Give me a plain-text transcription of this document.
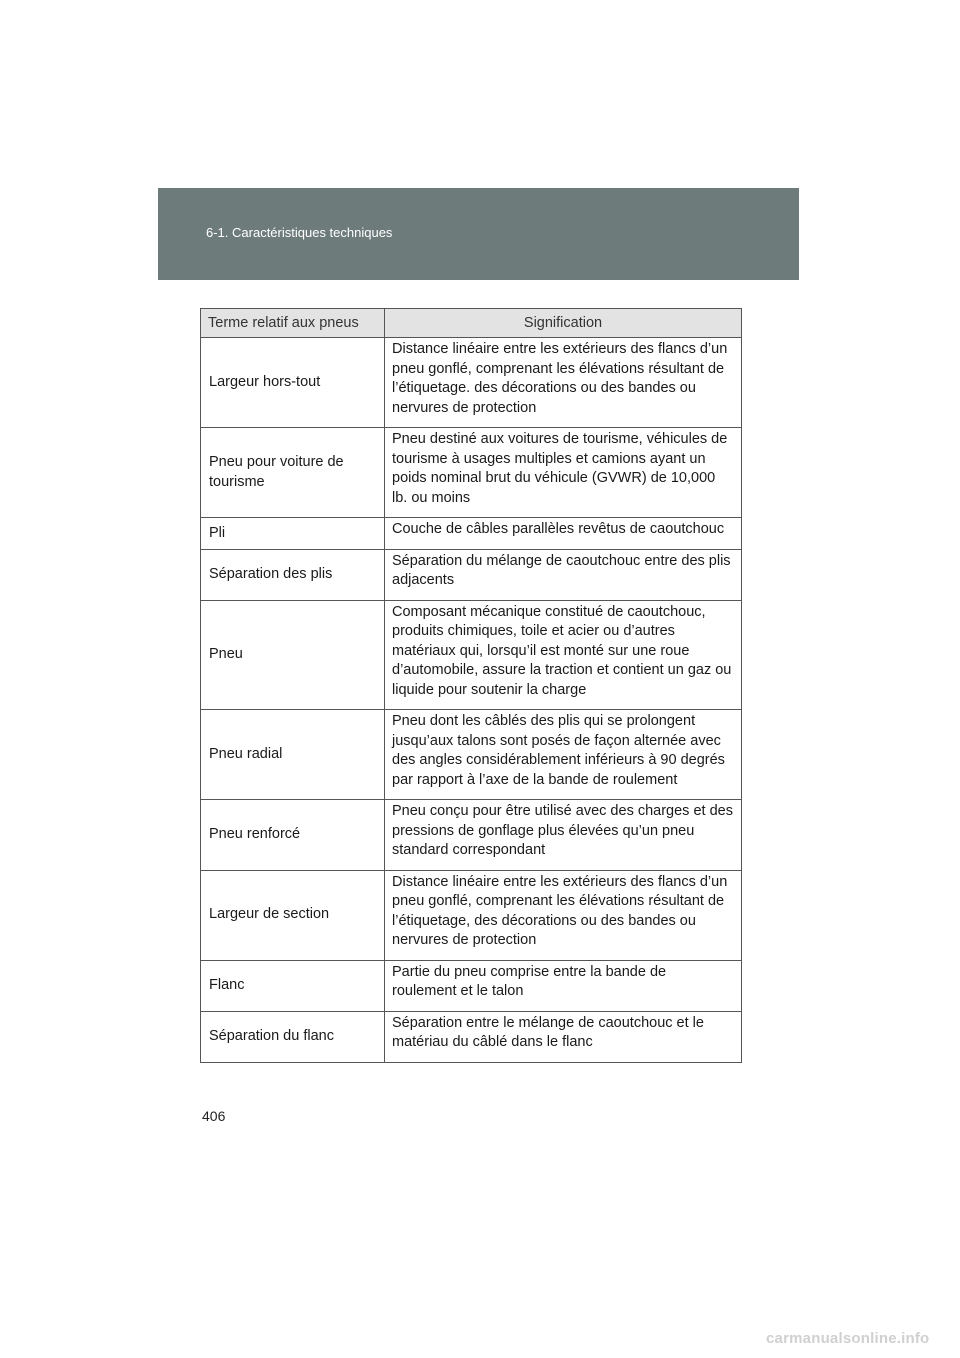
6-1. Caractéristiques techniques
Terme relatif aux pneus	Signification
Largeur hors-tout	Distance linéaire entre les extérieurs des flancs d’un pneu gonflé, comprenant les élévations résultant de l’étiquetage. des décorations ou des bandes ou nervures de protection
Pneu pour voiture de tourisme	Pneu destiné aux voitures de tourisme, véhicules de tourisme à usages multiples et camions ayant un poids nominal brut du véhicule (GVWR) de 10,000 lb. ou moins
Pli	Couche de câbles parallèles revêtus de caoutchouc
Séparation des plis	Séparation du mélange de caoutchouc entre des plis adjacents
Pneu	Composant mécanique constitué de caoutchouc, produits chimiques, toile et acier ou d’autres matériaux qui, lorsqu’il est monté sur une roue d’automobile, assure la traction et contient un gaz ou liquide pour soutenir la charge
Pneu radial	Pneu dont les câblés des plis qui se prolongent jusqu’aux talons sont posés de façon alternée avec des angles considérablement inférieurs à 90 degrés par rapport à l’axe de la bande de roulement
Pneu renforcé	Pneu conçu pour être utilisé avec des charges et des pressions de gonflage plus élevées qu’un pneu standard correspondant
Largeur de section	Distance linéaire entre les extérieurs des flancs d’un pneu gonflé, comprenant les élévations résultant de l’étiquetage, des décorations ou des bandes ou nervures de protection
Flanc	Partie du pneu comprise entre la bande de roulement et le talon
Séparation du flanc	Séparation entre le mélange de caoutchouc et le matériau du câblé dans le flanc
406
carmanualsonline.info
